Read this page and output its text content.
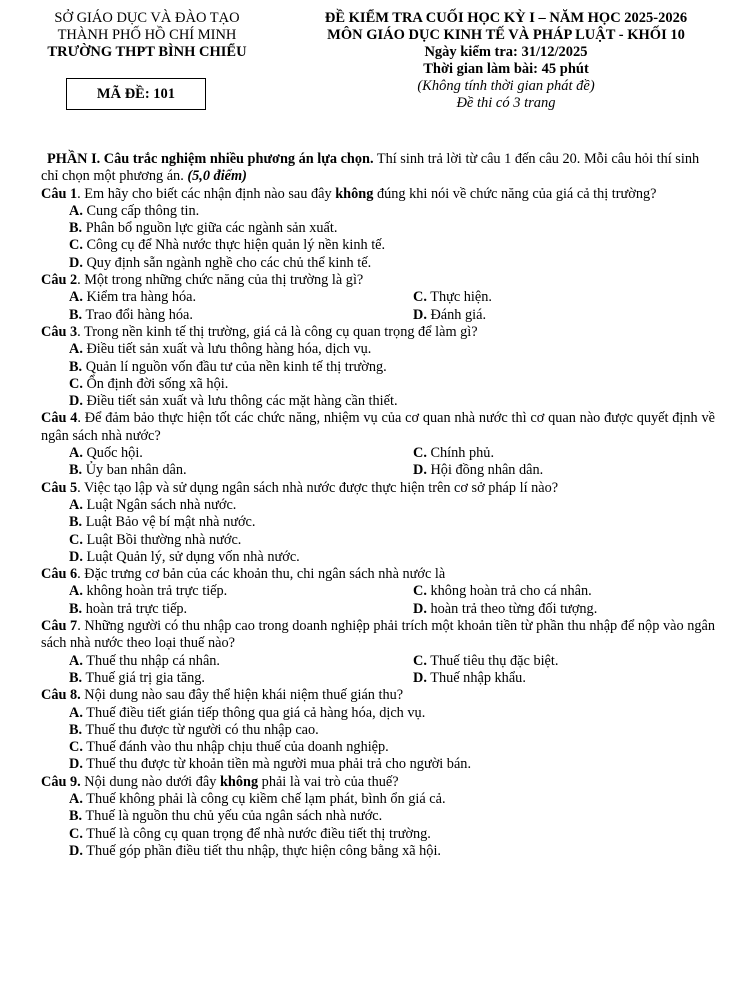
SỞ GIÁO DỤC VÀ ĐÀO TẠO
THÀNH PHỐ HỒ CHÍ MINH
TRƯỜNG THPT BÌNH CHIỂU
MÃ ĐỀ: 101
ĐỀ KIỂM TRA CUỐI HỌC KỲ I – NĂM HỌC 2025-2026
MÔN GIÁO DỤC KINH TẾ VÀ PHÁP LUẬT - KHỐI 10
Ngày kiểm tra: 31/12/2025
Thời gian làm bài: 45 phút
(Không tính thời gian phát đề)
Đề thi có 3 trang

PHẦN I. Câu trắc nghiệm nhiều phương án lựa chọn. Thí sinh trả lời từ câu 1 đến câu 20. Mỗi câu hỏi thí sinh chỉ chọn một phương án. (5,0 điểm)

Câu 1. Em hãy cho biết các nhận định nào sau đây không đúng khi nói về chức năng của giá cả thị trường?

A. Cung cấp thông tin.

B. Phân bổ nguồn lực giữa các ngành sản xuất.

C. Công cụ để Nhà nước thực hiện quản lý nền kinh tế.

D. Quy định sẵn ngành nghề cho các chủ thể kinh tế.

Câu 2. Một trong những chức năng của thị trường là gì?

A. Kiểm tra hàng hóa.	C. Thực hiện.
B. Trao đổi hàng hóa.	D. Đánh giá.

Câu 3. Trong nền kinh tế thị trường, giá cả là công cụ quan trọng để làm gì?

A. Điều tiết sản xuất và lưu thông hàng hóa, dịch vụ.

B. Quản lí nguồn vốn đầu tư của nền kinh tế thị trường.

C. Ổn định đời sống xã hội.

D. Điều tiết sản xuất và lưu thông các mặt hàng cần thiết.

Câu 4. Để đảm bảo thực hiện tốt các chức năng, nhiệm vụ của cơ quan nhà nước thì cơ quan nào được quyết định về ngân sách nhà nước?

A. Quốc hội.	C. Chính phủ.
B. Ủy ban nhân dân.	D. Hội đồng nhân dân.

Câu 5. Việc tạo lập và sử dụng ngân sách nhà nước được thực hiện trên cơ sở pháp lí nào?

A. Luật Ngân sách nhà nước.

B. Luật Bảo vệ bí mật nhà nước.

C. Luật Bồi thường nhà nước.

D. Luật Quản lý, sử dụng vốn nhà nước.

Câu 6. Đặc trưng cơ bản của các khoản thu, chi ngân sách nhà nước là

A. không hoàn trả trực tiếp.	C. không hoàn trả cho cá nhân.
B. hoàn trả trực tiếp.	D. hoàn trả theo từng đối tượng.

Câu 7. Những người có thu nhập cao trong doanh nghiệp phải trích một khoản tiền từ phần thu nhập để nộp vào ngân sách nhà nước theo loại thuế nào?

A. Thuế thu nhập cá nhân.	C. Thuế tiêu thụ đặc biệt.
B. Thuế giá trị gia tăng.	D. Thuế nhập khẩu.

Câu 8. Nội dung nào sau đây thể hiện khái niệm thuế gián thu?

A. Thuế điều tiết gián tiếp thông qua giá cả hàng hóa, dịch vụ.

B. Thuế thu được từ người có thu nhập cao.

C. Thuế đánh vào thu nhập chịu thuế của doanh nghiệp.

D. Thuế thu được từ khoản tiền mà người mua phải trả cho người bán.

Câu 9. Nội dung nào dưới đây không phải là vai trò của thuế?

A. Thuế không phải là công cụ kiềm chế lạm phát, bình ổn giá cả.

B. Thuế là nguồn thu chủ yếu của ngân sách nhà nước.

C. Thuế là công cụ quan trọng để nhà nước điều tiết thị trường.

D. Thuế góp phần điều tiết thu nhập, thực hiện công bằng xã hội.
